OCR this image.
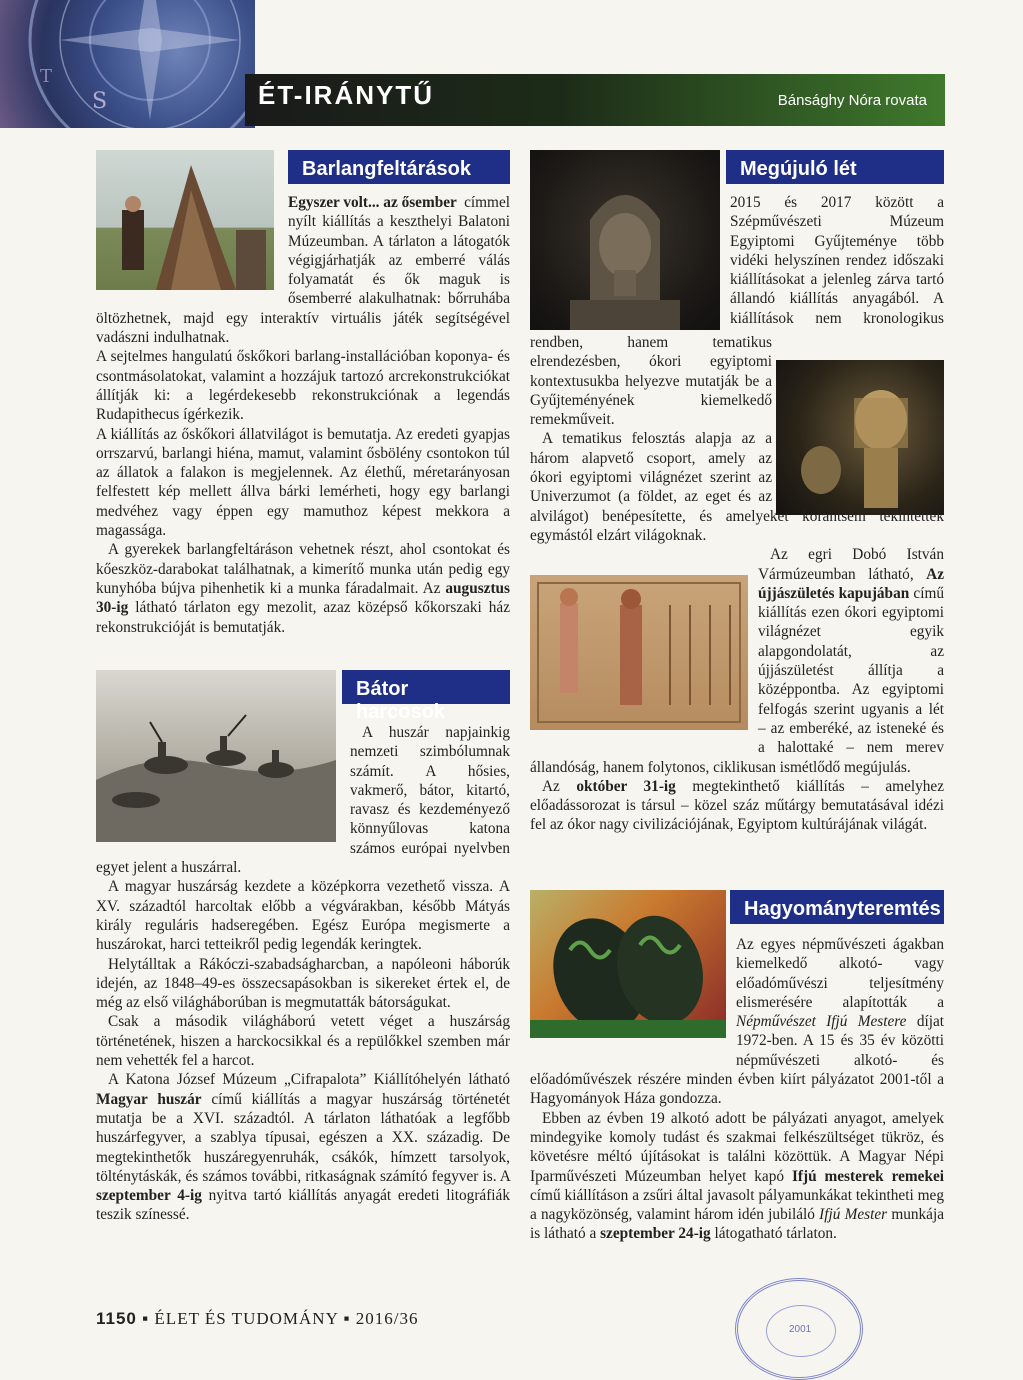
S
T
ÉT-IRÁNYTŰ	Bánsághy Nóra rovata
Barlangfeltárások

Egyszer volt... az ősember címmel nyílt kiállítás a keszthelyi Balatoni Múzeumban. A tárlaton a látogatók végigjárhatják az emberré válás folyamatát és ők maguk is ősemberré alakulhatnak: bőrruhába öltözhetnek, majd egy interaktív virtuális játék segítségével vadászni indulhatnak.

A sejtelmes hangulatú őskőkori barlang-installációban koponya- és csontmásolatokat, valamint a hozzájuk tartozó arcrekonstrukciókat állítják ki: a legérdekesebb rekonstrukciónak a legendás Rudapithecus ígérkezik.

A kiállítás az őskőkori állatvilágot is bemutatja. Az eredeti gyapjas orrszarvú, barlangi hiéna, mamut, valamint ősbölény csontokon túl az állatok a falakon is megjelennek. Az élethű, méretarányosan felfestett kép mellett állva bárki lemérheti, hogy egy barlangi medvéhez vagy éppen egy mamuthoz képest mekkora a magassága.

A gyerekek barlangfeltáráson vehetnek részt, ahol csontokat és kőeszköz-darabokat találhatnak, a kimerítő munka után pedig egy kunyhóba bújva pihenhetik ki a munka fáradalmait. Az augusztus 30-ig látható tárlaton egy mezolit, azaz középső kőkorszaki ház rekonstrukcióját is bemutatják.

Bátor harcosok

A huszár napjainkig nemzeti szimbólumnak számít. A hősies, vakmerő, bátor, kitartó, ravasz és kezdeményező könnyűlovas katona számos európai nyelvben egyet jelent a huszárral.

A magyar huszárság kezdete a középkorra vezethető vissza. A XV. századtól harcoltak előbb a végvárakban, később Mátyás király reguláris hadseregében. Egész Európa megismerte a huszárokat, harci tetteikről pedig legendák keringtek.

Helytálltak a Rákóczi-szabadságharcban, a napóleoni háborúk idején, az 1848–49-es összecsapásokban is sikereket értek el, de még az első világháborúban is megmutatták bátorságukat.

Csak a második világháború vetett véget a huszárság történetének, hiszen a harckocsikkal és a repülőkkel szemben már nem vehették fel a harcot.

A Katona József Múzeum „Cifrapalota” Kiállítóhelyén látható Magyar huszár című kiállítás a magyar huszárság történetét mutatja be a XVI. századtól. A tárlaton láthatóak a legfőbb huszárfegyver, a szablya típusai, egészen a XX. századig. De megtekinthetők huszáregyenruhák, csákók, hímzett tarsolyok, tölténytáskák, és számos további, ritkaságnak számító fegyver is. A szeptember 4-ig nyitva tartó kiállítás anyagát eredeti litográfiák teszik színessé.

Megújuló lét

2015 és 2017 között a Szépművészeti Múzeum Egyiptomi Gyűjteménye több vidéki helyszínen rendez időszaki kiállításokat a jelenleg zárva tartó állandó kiállítás anyagából. A kiállítások nem kronologikus rendben, hanem tematikus elrendezésben, ókori egyiptomi kontextusukba helyezve mutatják be a Gyűjteményének kiemelkedő remekműveit.

A tematikus felosztás alapja az a három alapvető csoport, amely az ókori egyiptomi világnézet szerint az Univerzumot (a földet, az eget és az alvilágot) benépesítette, és amelyeket korántsem tekintettek egymástól elzárt világoknak.

Az egri Dobó István Vármúzeumban látható, Az újjászületés kapujában című kiállítás ezen ókori egyiptomi világnézet egyik alapgondolatát, az újjászületést állítja a középpontba. Az egyiptomi felfogás szerint ugyanis a lét – az emberéké, az isteneké és a halottaké – nem merev állandóság, hanem folytonos, ciklikusan ismétlődő megújulás.

Az október 31-ig megtekinthető kiállítás – amelyhez előadássorozat is társul – közel száz műtárgy bemutatásával idézi fel az ókor nagy civilizációjának, Egyiptom kultúrájának világát.

Hagyományteremtés

Az egyes népművészeti ágakban kiemelkedő alkotó- vagy előadóművészi teljesítmény elismerésére alapították a Népművészet Ifjú Mestere díjat 1972-ben. A 15 és 35 év közötti népművészeti alkotó- és előadóművészek részére minden évben kiírt pályázatot 2001-től a Hagyományok Háza gondozza.

Ebben az évben 19 alkotó adott be pályázati anyagot, amelyek mindegyike komoly tudást és szakmai felkészültséget tükröz, és követésre méltó újításokat is találni közöttük. A Magyar Népi Iparművészeti Múzeumban helyet kapó Ifjú mesterek remekei című kiállításon a zsűri által javasolt pályamunkákat tekintheti meg a nagyközönség, valamint három idén jubiláló Ifjú Mester munkája is látható a szeptember 24-ig látogatható tárlaton.

1150 ▪ ÉLET ÉS TUDOMÁNY ▪ 2016/36
2001
